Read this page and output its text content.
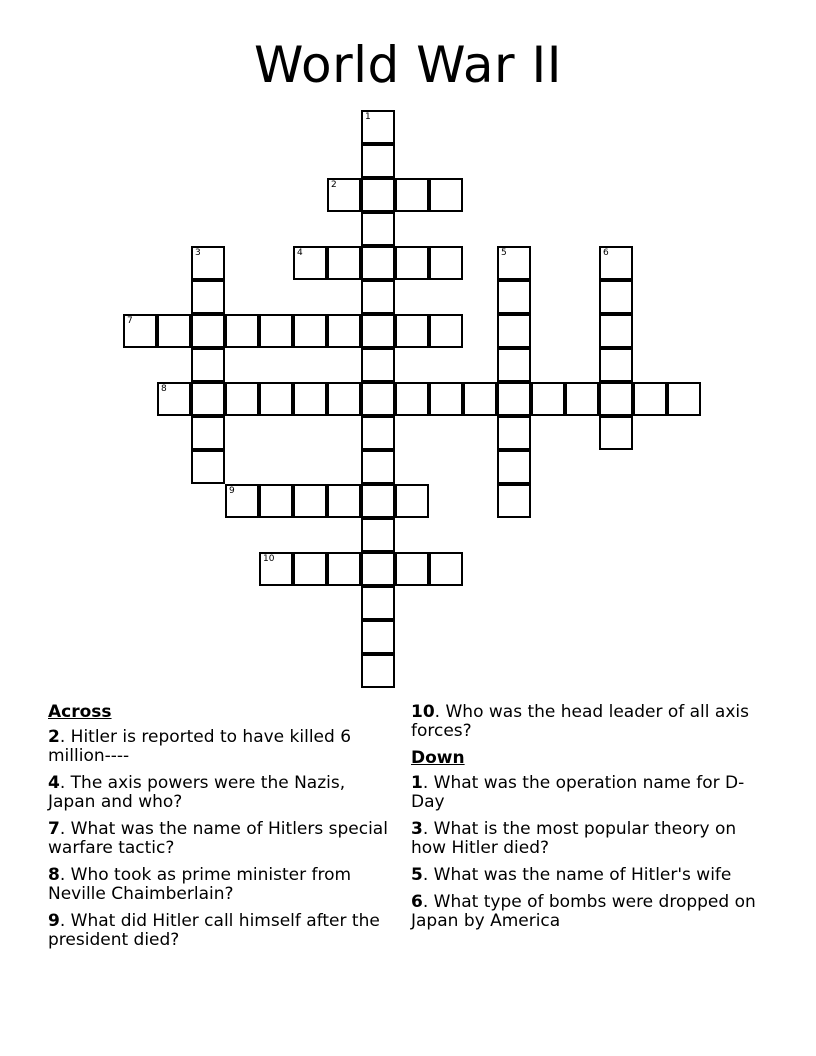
World War II
1
2
4
3	5	6
7
8
9
10
Across
2. Hitler is reported to have killed 6 million----
4. The axis powers were the Nazis, Japan and who?
7. What was the name of Hitlers special warfare tactic?
8. Who took as prime minister from Neville Chaimberlain?
9. What did Hitler call himself after the president died?
10. Who was the head leader of all axis forces?
Down
1. What was the operation name for D-Day
3. What is the most popular theory on how Hitler died?
5. What was the name of Hitler's wife
6. What type of bombs were dropped on Japan by America
